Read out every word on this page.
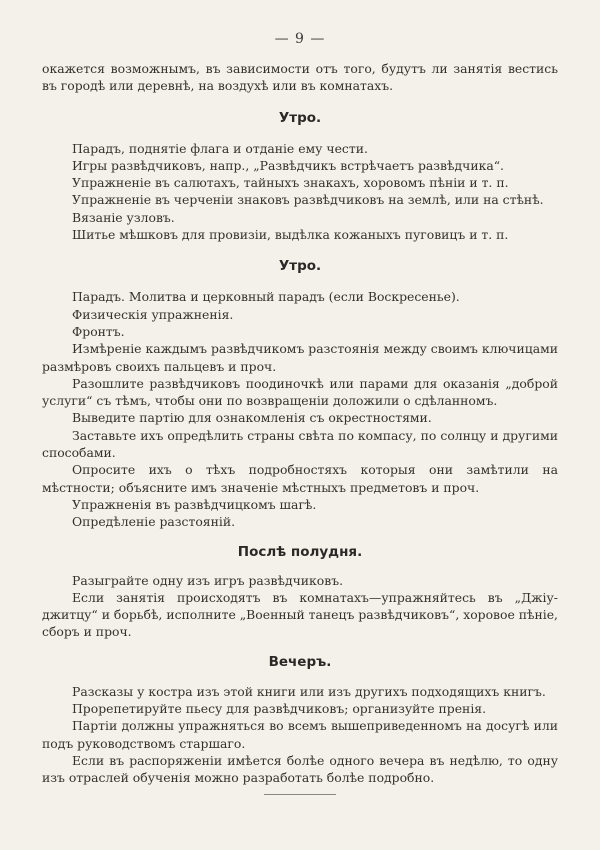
— 9 —

окажется возможнымъ, въ зависимости отъ того, будутъ ли занятія вестись въ городѣ или деревнѣ, на воздухѣ или въ комнатахъ.

Утро.

Парадъ, поднятіе флага и отданіе ему чести.

Игры развѣдчиковъ, напр., „Развѣдчикъ встрѣчаетъ развѣдчика“.

Упражненіе въ салютахъ, тайныхъ знакахъ, хоровомъ пѣніи и т. п.

Упражненіе въ черченіи знаковъ развѣдчиковъ на землѣ, или на стѣнѣ.

Вязаніе узловъ.

Шитье мѣшковъ для провизіи, выдѣлка кожаныхъ пуговицъ и т. п.

Утро.

Парадъ. Молитва и церковный парадъ (если Воскресенье).

Физическія упражненія.

Фронтъ.

Измѣреніе каждымъ развѣдчикомъ разстоянія между своимъ ключицами размѣровъ своихъ пальцевъ и проч.

Разошлите развѣдчиковъ поодиночкѣ или парами для оказанія „доброй услуги“ съ тѣмъ, чтобы они по возвращеніи доложили о сдѣланномъ.

Выведите партію для ознакомленія съ окрестностями.

Заставьте ихъ опредѣлить страны свѣта по компасу, по солнцу и другими способами.

Опросите ихъ о тѣхъ подробностяхъ которыя они замѣтили на мѣстности; объясните имъ значеніе мѣстныхъ предметовъ и проч.

Упражненія въ развѣдчицкомъ шагѣ.

Опредѣленіе разстояній.

Послѣ полудня.

Разыграйте одну изъ игръ развѣдчиковъ.

Если занятія происходятъ въ комнатахъ—упражняйтесь въ „Джіу-джитцу“ и борьбѣ, исполните „Военный танецъ развѣдчиковъ“, хоровое пѣніе, сборъ и проч.

Вечеръ.

Разсказы у костра изъ этой книги или изъ другихъ подходящихъ книгъ.

Прорепетируйте пьесу для развѣдчиковъ; организуйте пренія.

Партіи должны упражняться во всемъ вышеприведенномъ на досугѣ или подъ руководствомъ старшаго.

Если въ распоряженіи имѣется болѣе одного вечера въ недѣлю, то одну изъ отраслей обученія можно разработать болѣе подробно.
